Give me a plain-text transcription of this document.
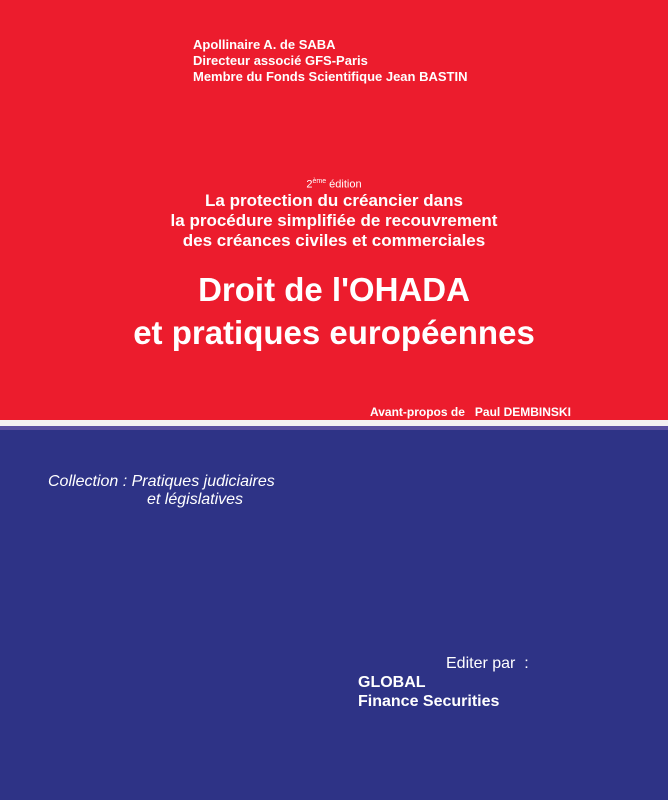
Apollinaire A. de SABA
Directeur associé GFS-Paris
Membre du Fonds Scientifique Jean BASTIN
2ème édition
La protection du créancier dans
la procédure simplifiée de recouvrement
des créances civiles et commerciales
Droit de l'OHADA
et pratiques européennes
Avant-propos de   Paul DEMBINSKI
Collection : Pratiques judiciaires
et législatives
Editer par  :
GLOBAL
Finance Securities
